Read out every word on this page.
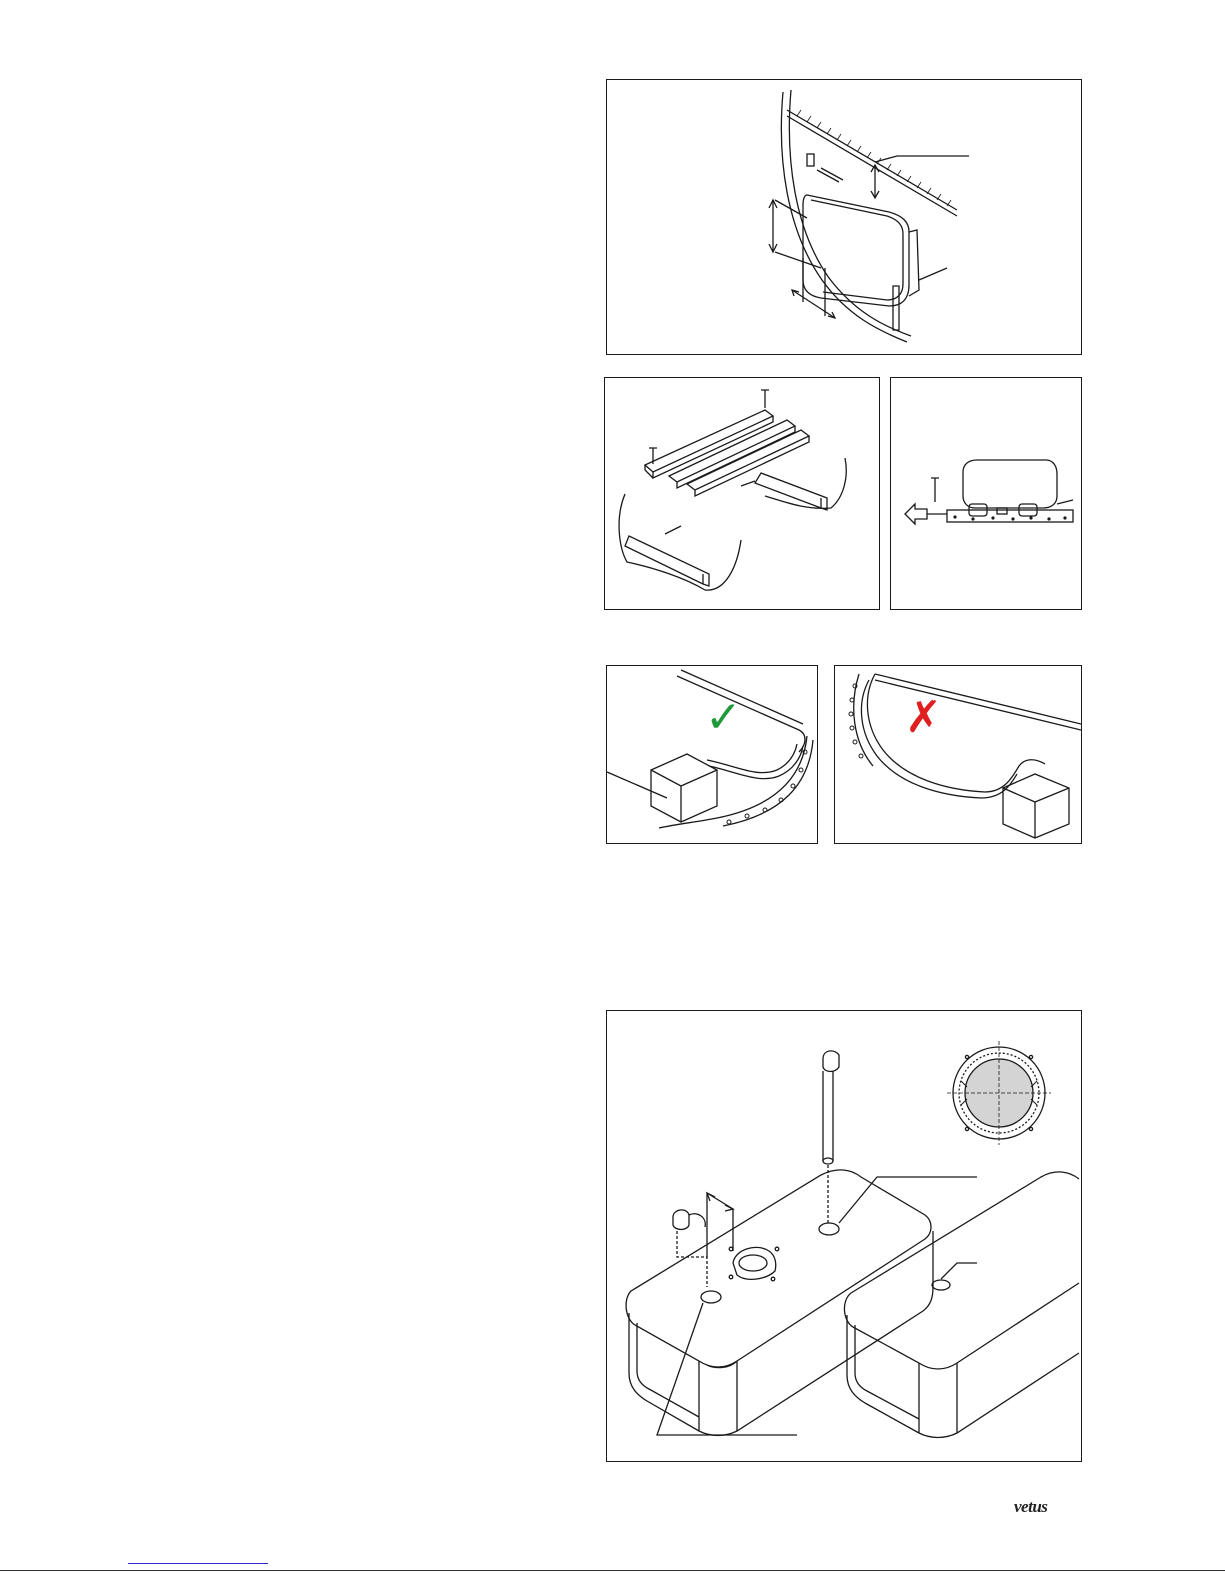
✓	✗
vetus
